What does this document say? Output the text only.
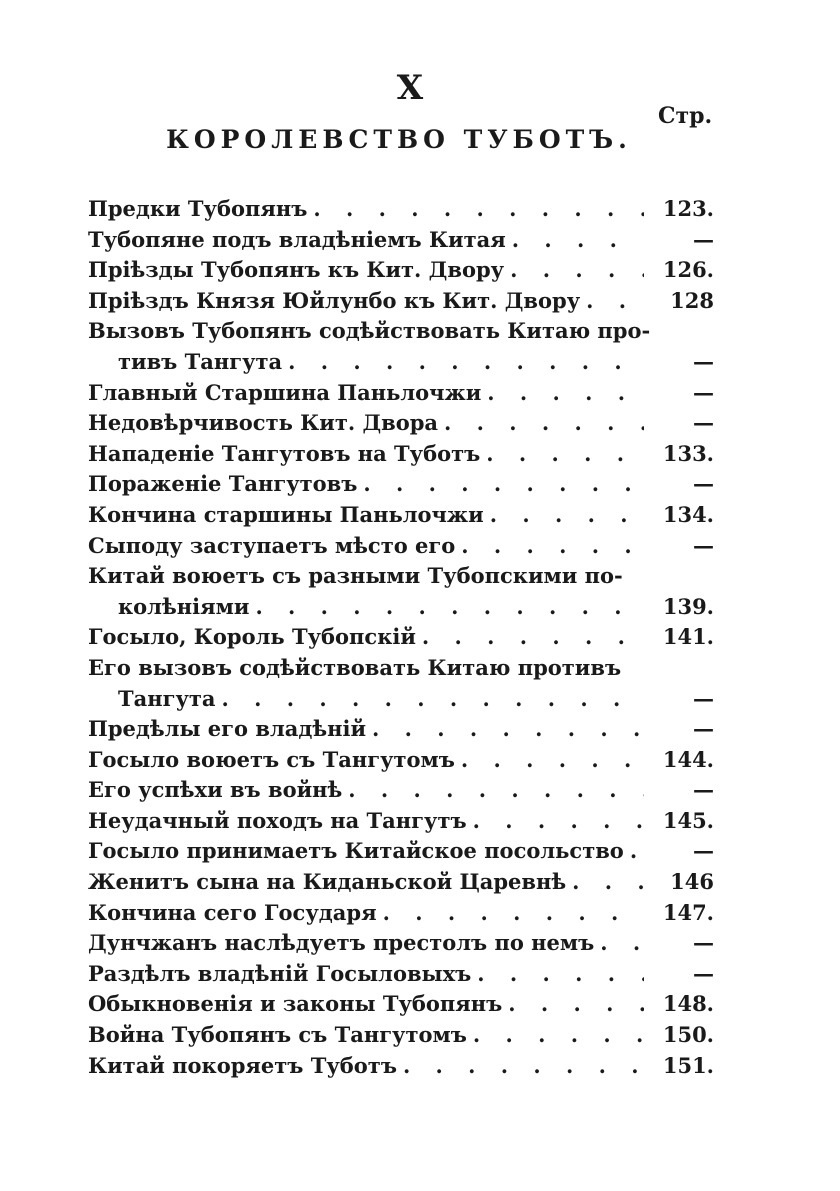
X
Стр.
КОРОЛЕВСТВО ТУБОТЪ.
Предки Тубопянъ . . .	123.
Тубопяне подъ владѣніемъ Китая . . .	—
Пріѣзды Тубопянъ къ Кит. Двору . . .	126.
Пріѣздъ Князя Юйлунбо къ Кит. Двору . . .	128
Вызовъ Тубопянъ содѣйствовать Китаю про-
тивъ Тангута . . .	—
Главный Старшина Паньлочжи . . .	—
Недовѣрчивость Кит. Двора . . .	—
Нападеніе Тангутовъ на Туботъ . . .	133.
Пораженіе Тангутовъ . . .	—
Кончина старшины Паньлочжи . . .	134.
Сыподу заступаетъ мѣсто его . . .	—
Китай воюетъ съ разными Тубопскими по-
колѣніями . . .	139.
Госыло, Король Тубопскій . . .	141.
Его вызовъ содѣйствовать Китаю противъ
Тангута . . .	—
Предѣлы его владѣній . . .	—
Госыло воюетъ съ Тангутомъ . . .	144.
Его успѣхи въ войнѣ . . .	—
Неудачный походъ на Тангутъ . . .	145.
Госыло принимаетъ Китайское посольство . . .	—
Женитъ сына на Киданьской Царевнѣ . . .	146
Кончина сего Государя . . .	147.
Дунчжанъ наслѣдуетъ престолъ по немъ . . .	—
Раздѣлъ владѣній Госыловыхъ . . .	—
Обыкновенія и законы Тубопянъ . . .	148.
Война Тубопянъ съ Тангутомъ . . .	150.
Китай покоряетъ Туботъ . . .	151.
